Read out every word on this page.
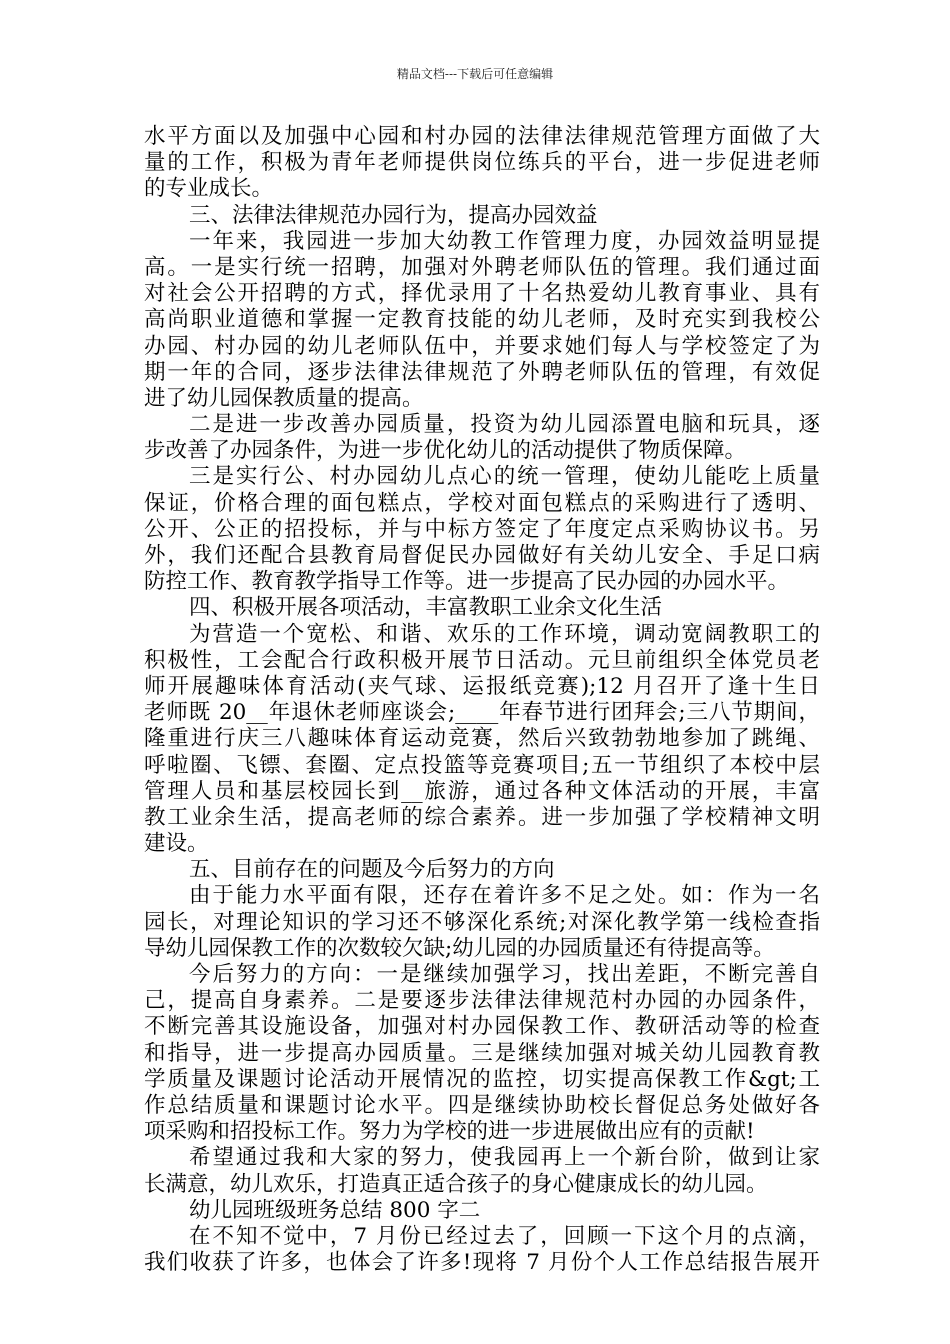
精品文档---下载后可任意编辑
水平方面以及加强中心园和村办园的法律法律规范管理方面做了大
量的工作，积极为青年老师提供岗位练兵的平台，进一步促进老师
的专业成长。
三、法律法律规范办园行为，提高办园效益
一年来，我园进一步加大幼教工作管理力度，办园效益明显提
高。一是实行统一招聘，加强对外聘老师队伍的管理。我们通过面
对社会公开招聘的方式，择优录用了十名热爱幼儿教育事业、具有
高尚职业道德和掌握一定教育技能的幼儿老师，及时充实到我校公
办园、村办园的幼儿老师队伍中，并要求她们每人与学校签定了为
期一年的合同，逐步法律法律规范了外聘老师队伍的管理，有效促
进了幼儿园保教质量的提高。
二是进一步改善办园质量，投资为幼儿园添置电脑和玩具，逐
步改善了办园条件，为进一步优化幼儿的活动提供了物质保障。
三是实行公、村办园幼儿点心的统一管理，使幼儿能吃上质量
保证，价格合理的面包糕点，学校对面包糕点的采购进行了透明、
公开、公正的招投标，并与中标方签定了年度定点采购协议书。另
外，我们还配合县教育局督促民办园做好有关幼儿安全、手足口病
防控工作、教育教学指导工作等。进一步提高了民办园的办园水平。
四、积极开展各项活动，丰富教职工业余文化生活
为营造一个宽松、和谐、欢乐的工作环境，调动宽阔教职工的
积极性，工会配合行政积极开展节日活动。元旦前组织全体党员老
师开展趣味体育活动(夹气球、运报纸竞赛);12 月召开了逢十生日
老师既 20__年退休老师座谈会;____年春节进行团拜会;三八节期间，
隆重进行庆三八趣味体育运动竞赛，然后兴致勃勃地参加了跳绳、
呼啦圈、飞镖、套圈、定点投篮等竞赛项目;五一节组织了本校中层
管理人员和基层校园长到__旅游，通过各种文体活动的开展，丰富
教工业余生活，提高老师的综合素养。进一步加强了学校精神文明
建设。
五、目前存在的问题及今后努力的方向
由于能力水平面有限，还存在着许多不足之处。如：作为一名
园长，对理论知识的学习还不够深化系统;对深化教学第一线检查指
导幼儿园保教工作的次数较欠缺;幼儿园的办园质量还有待提高等。
今后努力的方向：一是继续加强学习，找出差距，不断完善自
己，提高自身素养。二是要逐步法律法律规范村办园的办园条件，
不断完善其设施设备，加强对村办园保教工作、教研活动等的检查
和指导，进一步提高办园质量。三是继续加强对城关幼儿园教育教
学质量及课题讨论活动开展情况的监控，切实提高保教工作&gt;工
作总结质量和课题讨论水平。四是继续协助校长督促总务处做好各
项采购和招投标工作。努力为学校的进一步进展做出应有的贡献!
希望通过我和大家的努力，使我园再上一个新台阶，做到让家
长满意，幼儿欢乐，打造真正适合孩子的身心健康成长的幼儿园。
幼儿园班级班务总结 800 字二
在不知不觉中，7 月份已经过去了，回顾一下这个月的点滴，
我们收获了许多，也体会了许多!现将 7 月份个人工作总结报告展开
